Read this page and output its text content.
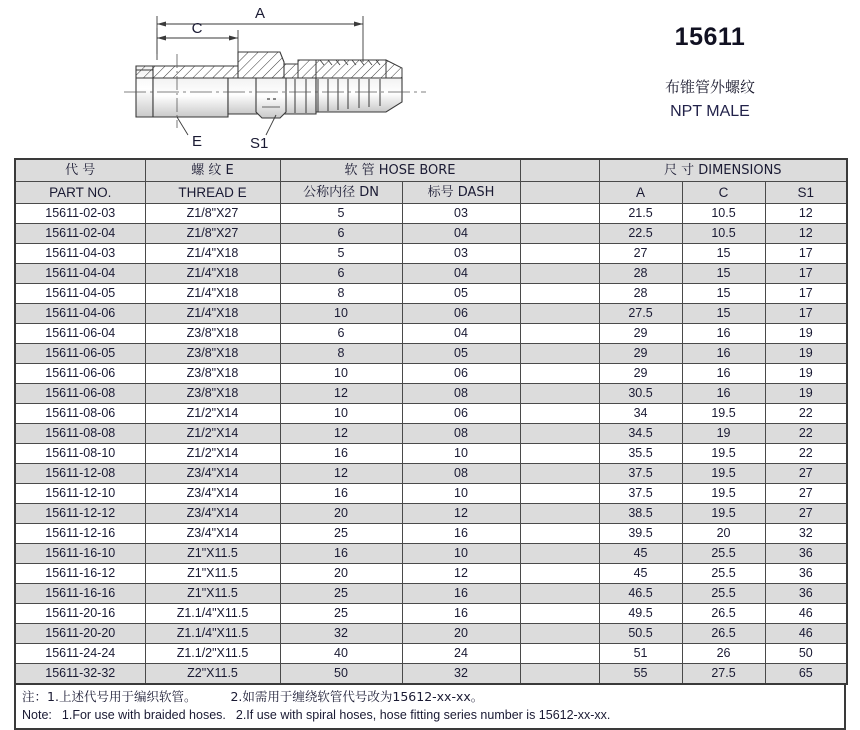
A
C
E	S1
15611
布锥管外螺纹
NPT MALE
代 号	螺 纹 E	软 管 HOSE BORE			尺 寸 DIMENSIONS		
PART NO.	THREAD E	公称内径 DN	标号 DASH		A	C	S1
15611-02-03	Z1/8"X27	5	03		21.5	10.5	12
15611-02-04	Z1/8"X27	6	04		22.5	10.5	12
15611-04-03	Z1/4"X18	5	03		27	15	17
15611-04-04	Z1/4"X18	6	04		28	15	17
15611-04-05	Z1/4"X18	8	05		28	15	17
15611-04-06	Z1/4"X18	10	06		27.5	15	17
15611-06-04	Z3/8"X18	6	04		29	16	19
15611-06-05	Z3/8"X18	8	05		29	16	19
15611-06-06	Z3/8"X18	10	06		29	16	19
15611-06-08	Z3/8"X18	12	08		30.5	16	19
15611-08-06	Z1/2"X14	10	06		34	19.5	22
15611-08-08	Z1/2"X14	12	08		34.5	19	22
15611-08-10	Z1/2"X14	16	10		35.5	19.5	22
15611-12-08	Z3/4"X14	12	08		37.5	19.5	27
15611-12-10	Z3/4"X14	16	10		37.5	19.5	27
15611-12-12	Z3/4"X14	20	12		38.5	19.5	27
15611-12-16	Z3/4"X14	25	16		39.5	20	32
15611-16-10	Z1"X11.5	16	10		45	25.5	36
15611-16-12	Z1"X11.5	20	12		45	25.5	36
15611-16-16	Z1"X11.5	25	16		46.5	25.5	36
15611-20-16	Z1.1/4"X11.5	25	16		49.5	26.5	46
15611-20-20	Z1.1/4"X11.5	32	20		50.5	26.5	46
15611-24-24	Z1.1/2"X11.5	40	24		51	26	50
15611-32-32	Z2"X11.5	50	32		55	27.5	65
注：1.上述代号用于编织软管。	2.如需用于缠绕软管代号改为15612-xx-xx。
Note: 1.For use with braided hoses. 2.If use with spiral hoses, hose fitting series number is 15612-xx-xx.
